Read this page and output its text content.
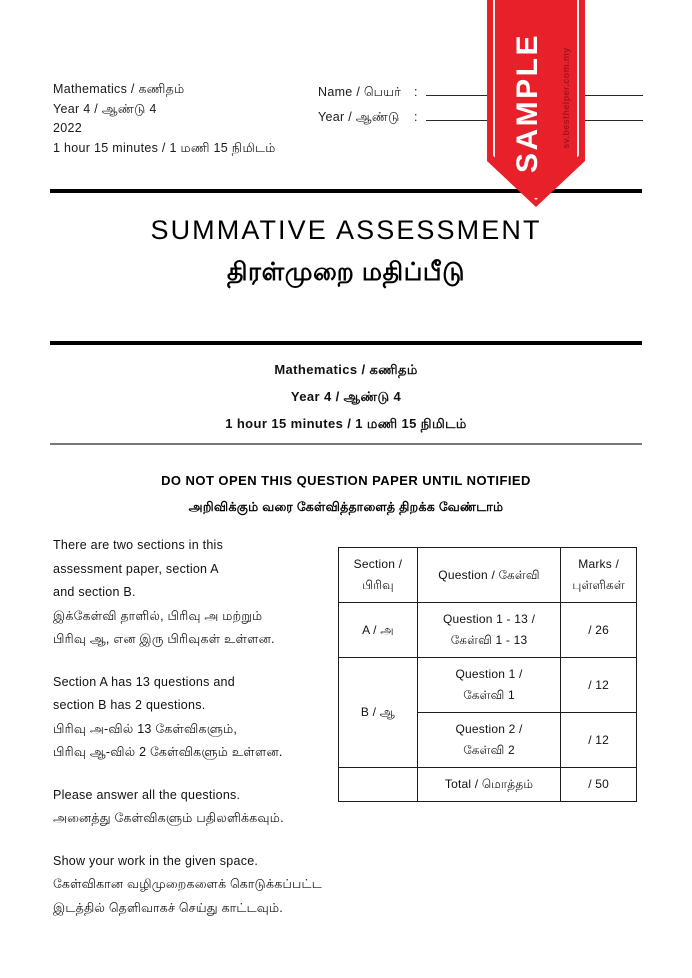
Mathematics / கணிதம்
Year 4 / ஆண்டு 4
2022
1 hour 15 minutes / 1 மணி 15 நிமிடம்
Name / பெயர்	:
Year / ஆண்டு	:
SUMMATIVE ASSESSMENT
திரள்முறை மதிப்பீடு
Mathematics / கணிதம்
Year 4 / ஆண்டு 4
1 hour 15 minutes / 1 மணி 15 நிமிடம்
DO NOT OPEN THIS QUESTION PAPER UNTIL NOTIFIED
அறிவிக்கும் வரை கேள்வித்தாளைத் திறக்க வேண்டாம்
There are two sections in this
assessment paper, section A
and section B.
இக்கேள்வி தாளில், பிரிவு அ மற்றும்
பிரிவு ஆ, என இரு பிரிவுகள் உள்ளன.
Section A has 13 questions and
section B has 2 questions.
பிரிவு அ-வில் 13 கேள்விகளும்,
பிரிவு ஆ-வில் 2 கேள்விகளும் உள்ளன.
Please answer all the questions.
அனைத்து கேள்விகளும் பதிலளிக்கவும்.
Show your work in the given space.
கேள்விகான வழிமுறைகளைக் கொடுக்கப்பட்ட
இடத்தில் தெளிவாகச் செய்து காட்டவும்.
Section /
பிரிவு	Question / கேள்வி	Marks /
புள்ளிகள்

A / அ	Question 1 - 13 /
கேள்வி 1 - 13	/ 26
B / ஆ	Question 1 /
கேள்வி 1	/ 12

	Question 2 /
கேள்வி 2	/ 12
	Total / மொத்தம்	/ 50
SAMPLE sv.besthelper.com.my
